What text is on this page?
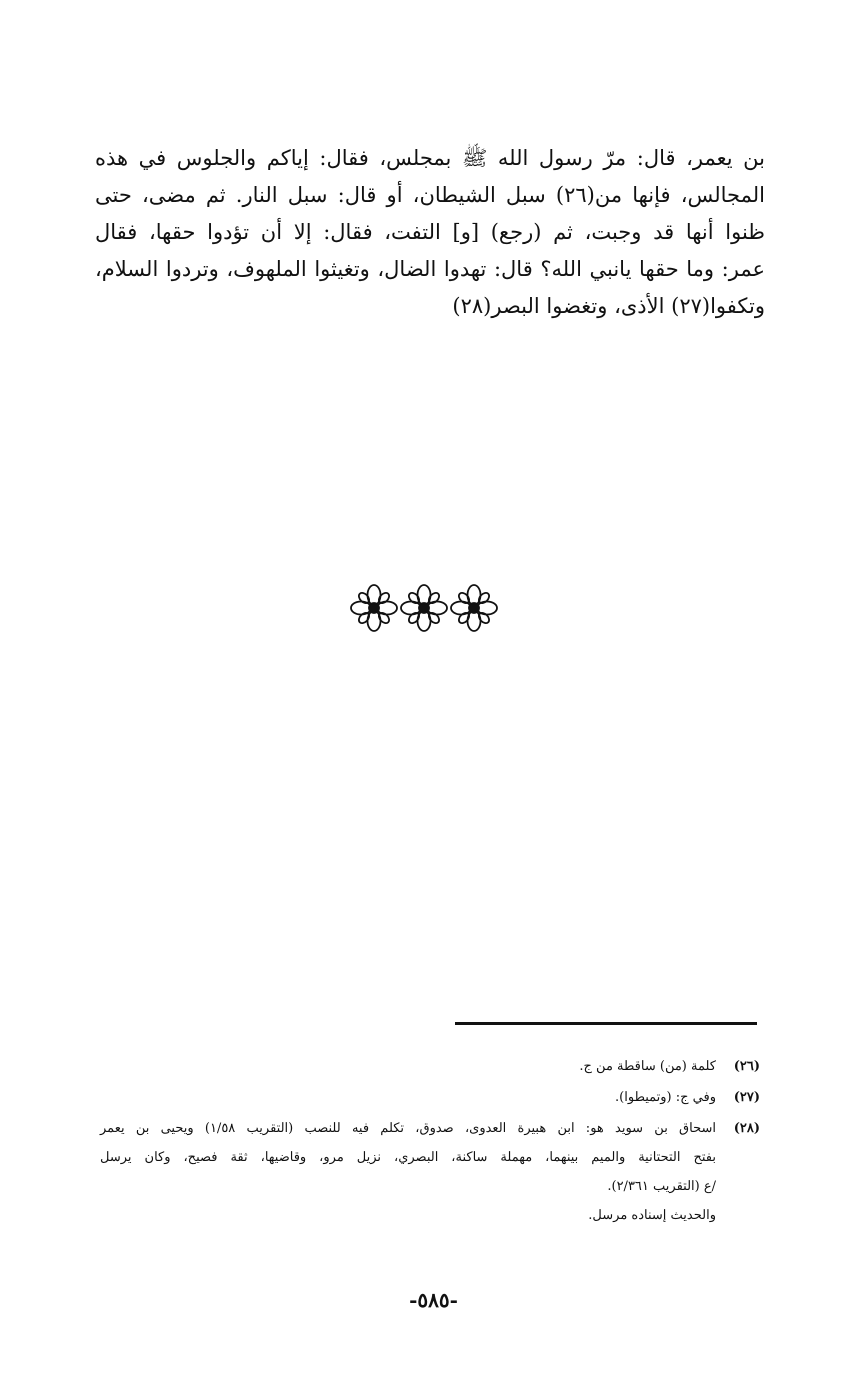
بن يعمر، قال: مرّ رسول الله ﷺ بمجلس، فقال: إياكم والجلوس في هذه
المجالس، فإنها من(٢٦) سبل الشيطان، أو قال: سبل النار. ثم مضى، حتى
ظنوا أنها قد وجبت، ثم (رجع) [و] التفت، فقال: إلا أن تؤدوا حقها، فقال
عمر: وما حقها يانبي الله؟ قال: تهدوا الضال، وتغيثوا الملهوف، وتردوا السلام،
وتكفوا(٢٧) الأذى، وتغضوا البصر(٢٨)
(٢٦)
كلمة (من) ساقطة من ج.
(٢٧)
وفي ج: (وتميطوا).
(٢٨)
اسحاق بن سويد هو: ابن هبيرة العدوى، صدوق، تكلم فيه للنصب (التقريب ١/٥٨) ويحيى بن يعمر
بفتح التحتانية والميم بينهما، مهملة ساكنة، البصري، نزيل مرو، وقاضيها، ثقة فصيح، وكان يرسل
/ع (التقريب ٢/٣٦١).
والحديث إسناده مرسل.
-٥٨٥-
